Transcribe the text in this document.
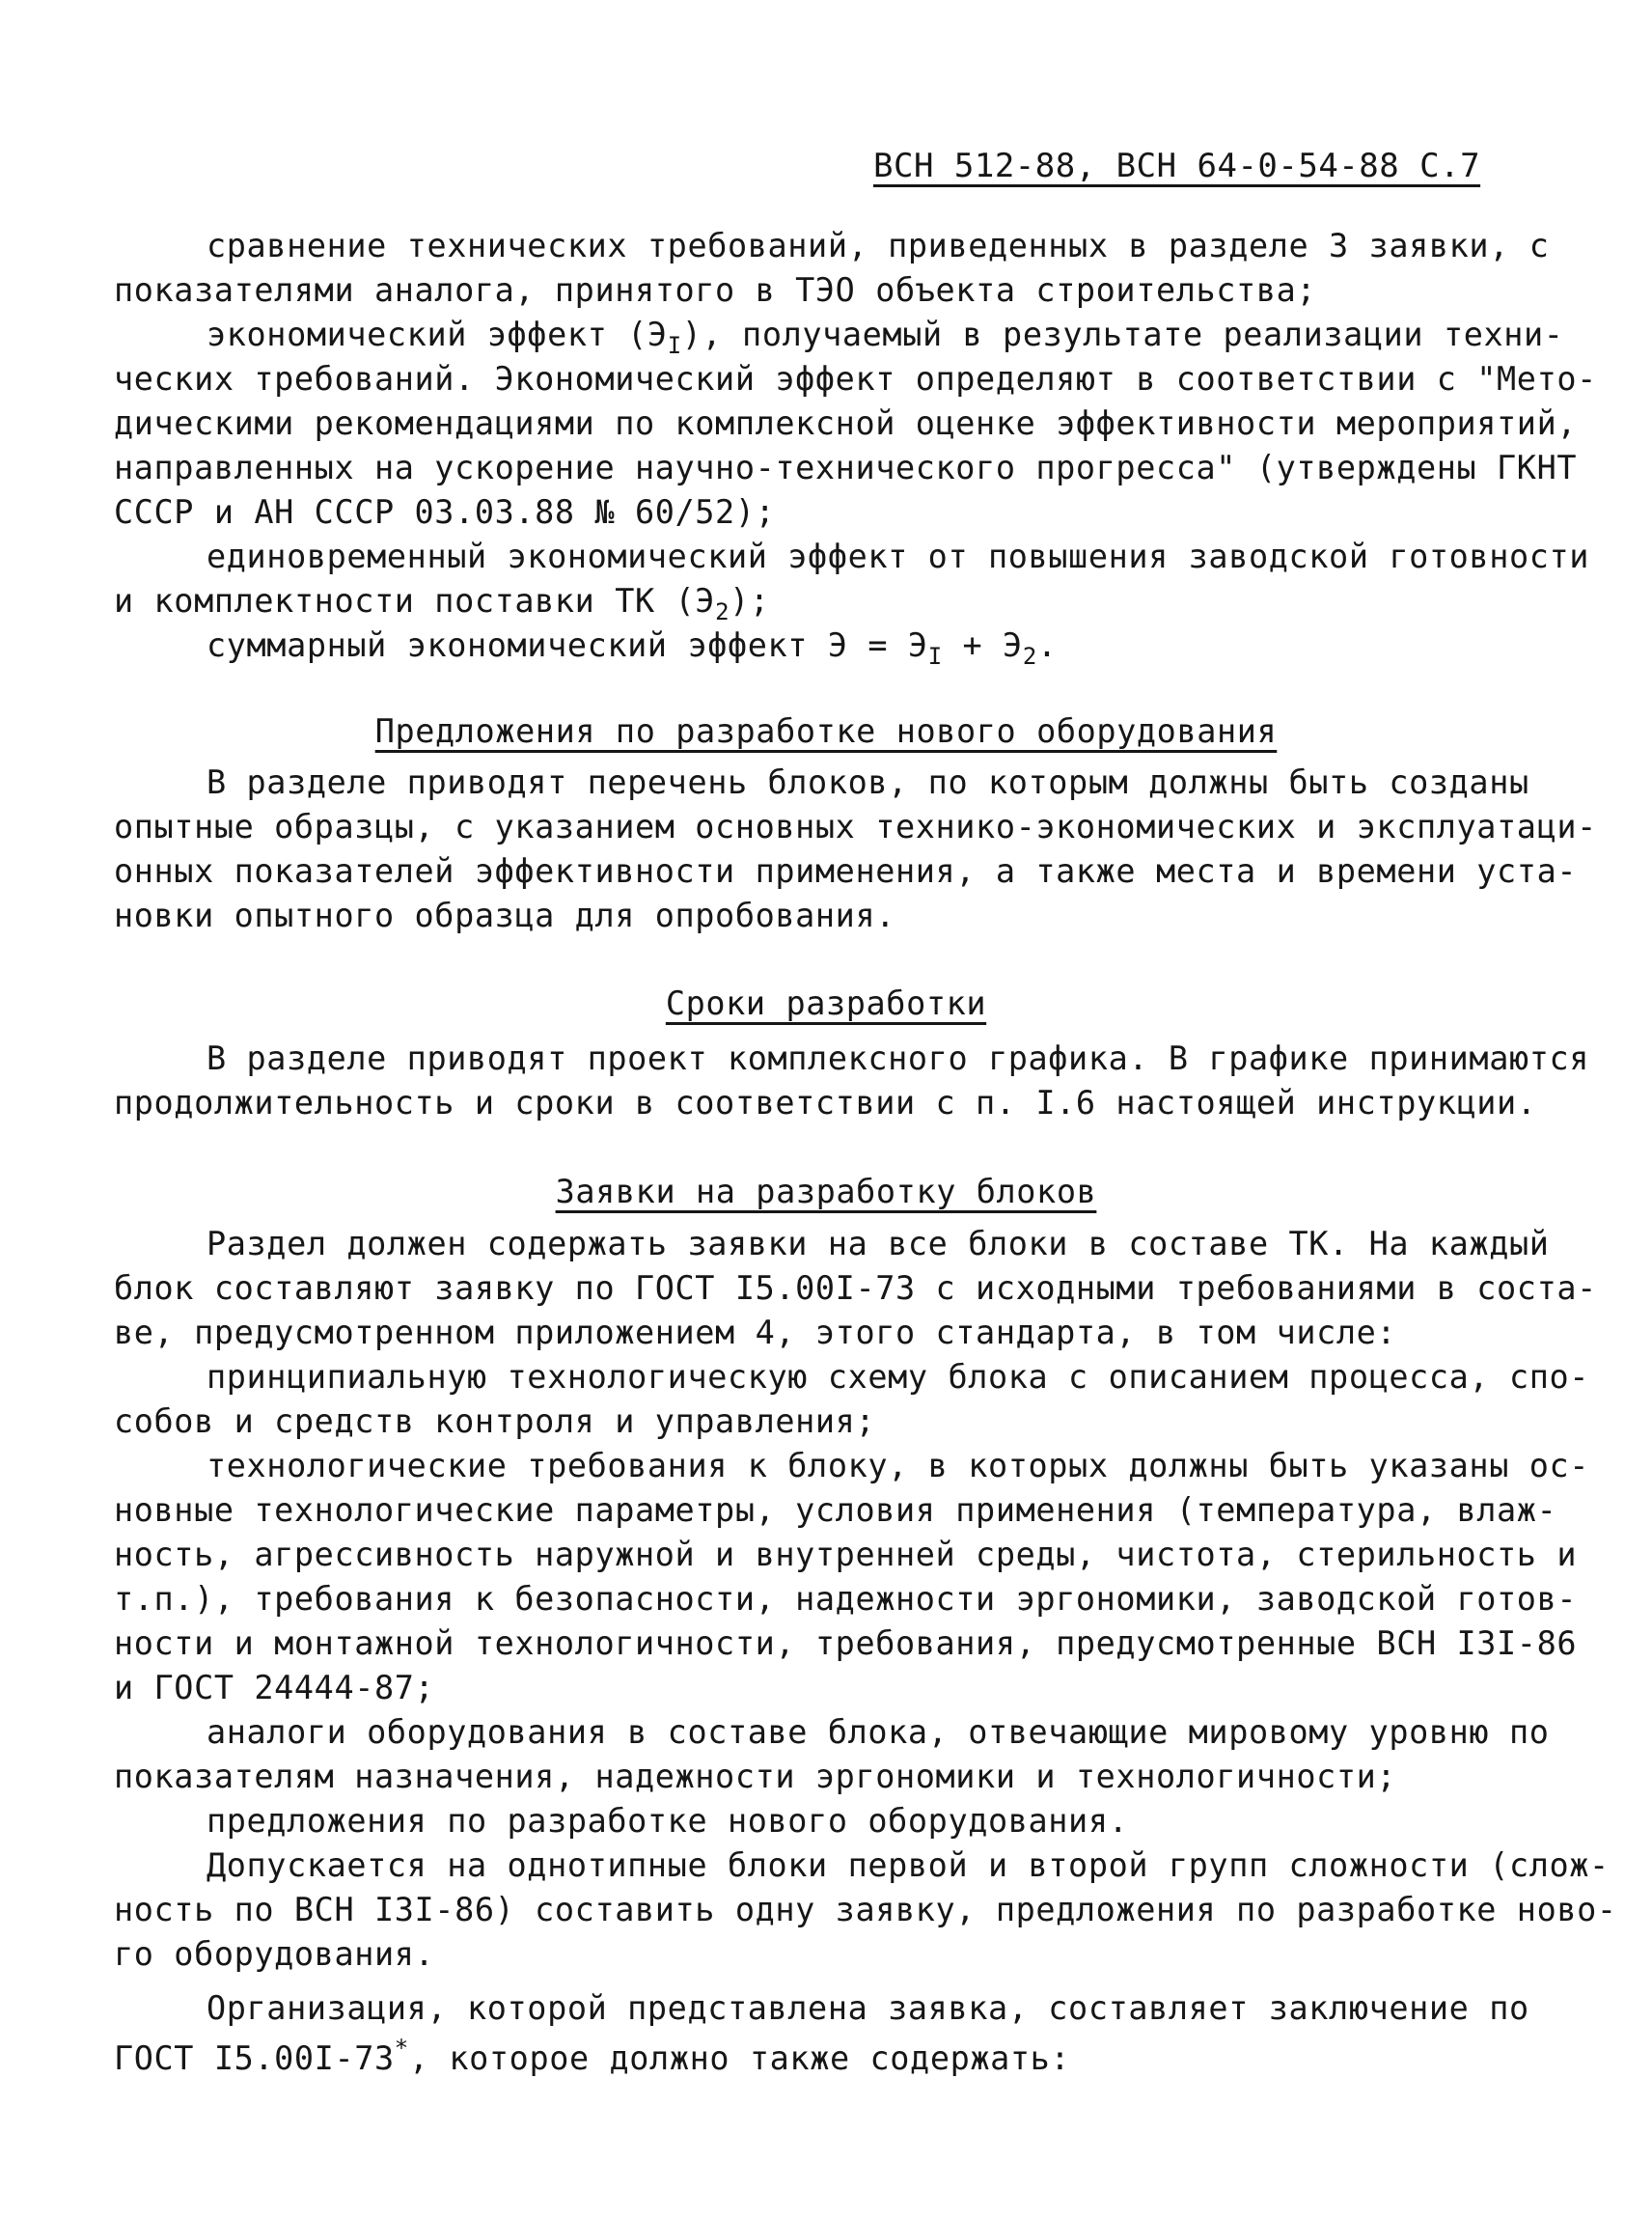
ВСН 512-88, ВСН 64-0-54-88 С.7
сравнение технических требований, приведенных в разделе 3 заявки, с
показателями аналога, принятого в ТЭО объекта строительства;
экономический эффект $(Э_I)$, получаемый в результате реализации техни-
ческих требований. Экономический эффект определяют в соответствии с "Мето-
дическими рекомендациями по комплексной оценке эффективности мероприятий,
направленных на ускорение научно-технического прогресса" (утверждены ГКНТ
СССР и АН СССР 03.03.88 № 60/52);
единовременный экономический эффект от повышения заводской готовности
и комплектности поставки ТК $(Э_2)$;
суммарный экономический эффект $Э = Э_I + Э_2$.
Предложения по разработке нового оборудования
В разделе приводят перечень блоков, по которым должны быть созданы
опытные образцы, с указанием основных технико-экономических и эксплуатаци-
онных показателей эффективности применения, а также места и времени уста-
новки опытного образца для опробования.
Сроки разработки
В разделе приводят проект комплексного графика. В графике принимаются
продолжительность и сроки в соответствии с п. I.6 настоящей инструкции.
Заявки на разработку блоков
Раздел должен содержать заявки на все блоки в составе ТК. На каждый
блок составляют заявку по ГОСТ I5.00I-73 с исходными требованиями в соста-
ве, предусмотренном приложением 4, этого стандарта, в том числе:
принципиальную технологическую схему блока с описанием процесса, спо-
собов и средств контроля и управления;
технологические требования к блоку, в которых должны быть указаны ос-
новные технологические параметры, условия применения (температура, влаж-
ность, агрессивность наружной и внутренней среды, чистота, стерильность и
т.п.), требования к безопасности, надежности эргономики, заводской готов-
ности и монтажной технологичности, требования, предусмотренные ВСН I3I-86
и ГОСТ 24444-87;
аналоги оборудования в составе блока, отвечающие мировому уровню по
показателям назначения, надежности эргономики и технологичности;
предложения по разработке нового оборудования.
Допускается на однотипные блоки первой и второй групп сложности (слож-
ность по ВСН I3I-86) составить одну заявку, предложения по разработке ново-
го оборудования.
Организация, которой представлена заявка, составляет заключение по
ГОСТ I5.00I-73*, которое должно также содержать:
